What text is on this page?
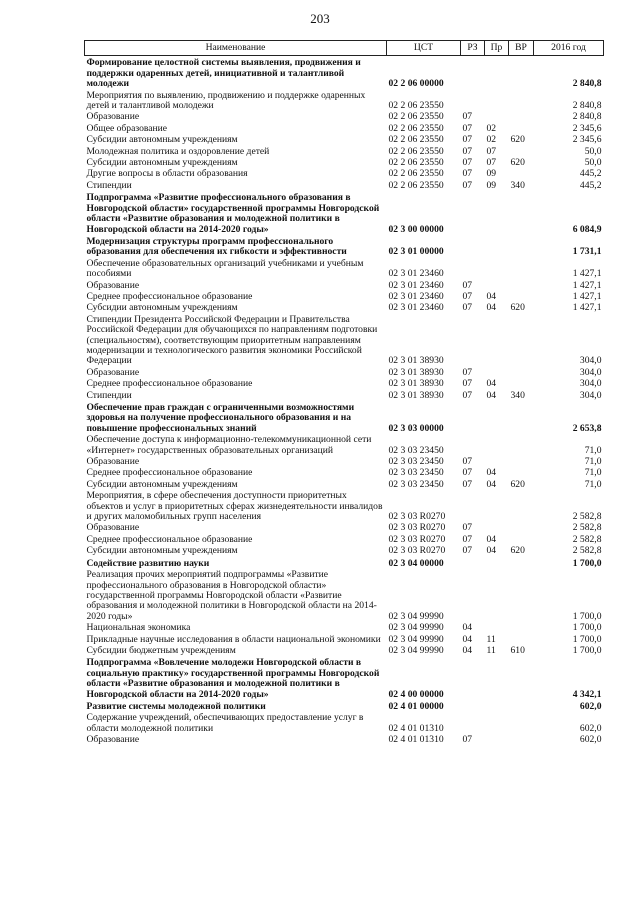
203
Наименование	ЦСТ	РЗ	Пр	ВР	2016 год
Формирование целостной системы выявления, продвижения и поддержки одаренных детей, инициативной и талантливой молодежи	02 2 06 00000				2 840,8
Мероприятия по выявлению, продвижению и поддержке одаренных детей и талантливой молодежи	02 2 06 23550				2 840,8
Образование	02 2 06 23550	07			2 840,8
Общее образование	02 2 06 23550	07	02		2 345,6
Субсидии автономным учреждениям	02 2 06 23550	07	02	620	2 345,6
Молодежная политика и оздоровление детей	02 2 06 23550	07	07		50,0
Субсидии автономным учреждениям	02 2 06 23550	07	07	620	50,0
Другие вопросы в области образования	02 2 06 23550	07	09		445,2
Стипендии	02 2 06 23550	07	09	340	445,2
Подпрограмма «Развитие профессионального образования в Новгородской области» государственной программы Новгородской области «Развитие образования и молодежной политики в Новгородской области на 2014-2020 годы»	02 3 00 00000				6 084,9
Модернизация структуры программ профессионального образования для обеспечения их гибкости и эффективности	02 3 01 00000				1 731,1
Обеспечение образовательных организаций учебниками и учебным пособиями	02 3 01 23460				1 427,1
Образование	02 3 01 23460	07			1 427,1
Среднее профессиональное образование	02 3 01 23460	07	04		1 427,1
Субсидии автономным учреждениям	02 3 01 23460	07	04	620	1 427,1
Стипендии Президента Российской Федерации и Правительства Российской Федерации для обучающихся по направлениям подготовки (специальностям), соответствующим приоритетным направлениям модернизации и технологического развития экономики Российской Федерации	02 3 01 38930				304,0
Образование	02 3 01 38930	07			304,0
Среднее профессиональное образование	02 3 01 38930	07	04		304,0
Стипендии	02 3 01 38930	07	04	340	304,0
Обеспечение прав граждан с ограниченными возможностями здоровья на получение профессионального образования и на повышение профессиональных знаний	02 3 03 00000				2 653,8
Обеспечение доступа к информационно-телекоммуникационной сети «Интернет» государственных образовательных организаций	02 3 03 23450				71,0
Образование	02 3 03 23450	07			71,0
Среднее профессиональное образование	02 3 03 23450	07	04		71,0
Субсидии автономным учреждениям	02 3 03 23450	07	04	620	71,0
Мероприятия, в сфере обеспечения доступности приоритетных объектов и услуг в приоритетных сферах жизнедеятельности инвалидов и других маломобильных групп населения	02 3 03 R0270				2 582,8
Образование	02 3 03 R0270	07			2 582,8
Среднее профессиональное образование	02 3 03 R0270	07	04		2 582,8
Субсидии автономным учреждениям	02 3 03 R0270	07	04	620	2 582,8
Содействие развитию науки	02 3 04 00000				1 700,0
Реализация прочих мероприятий подпрограммы «Развитие профессионального образования в Новгородской области» государственной программы Новгородской области «Развитие образования и молодежной политики в Новгородской области на 2014-2020 годы»	02 3 04 99990				1 700,0
Национальная экономика	02 3 04 99990	04			1 700,0
Прикладные научные исследования в области национальной экономики	02 3 04 99990	04	11		1 700,0
Субсидии бюджетным учреждениям	02 3 04 99990	04	11	610	1 700,0
Подпрограмма «Вовлечение молодежи Новгородской области в социальную практику» государственной программы Новгородской области «Развитие образования и молодежной политики в Новгородской области на 2014-2020 годы»	02 4 00 00000				4 342,1
Развитие системы молодежной политики	02 4 01 00000				602,0
Содержание учреждений, обеспечивающих предоставление услуг в области молодежной политики	02 4 01 01310				602,0
Образование	02 4 01 01310	07			602,0
